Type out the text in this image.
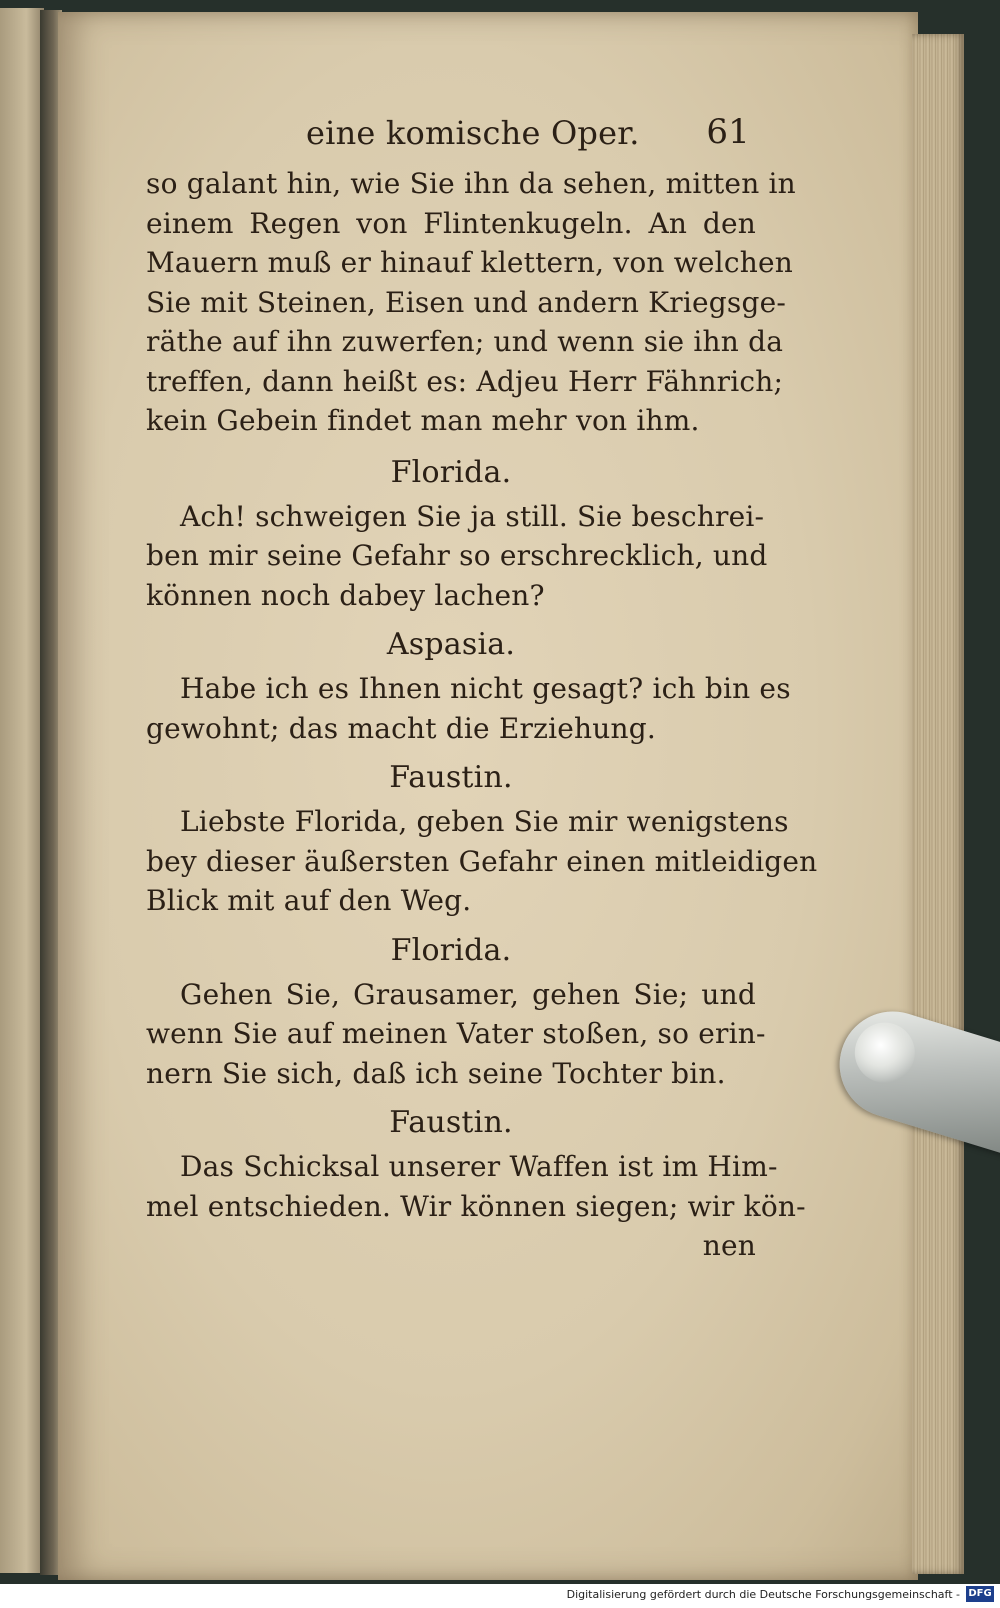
eine komische Oper. 61
so galant hin, wie Sie ihn da sehen, mitten in
einem Regen von Flintenkugeln. An den
Mauern muß er hinauf klettern, von welchen
Sie mit Steinen, Eisen und andern Kriegsge-
räthe auf ihn zuwerfen; und wenn sie ihn da
treffen, dann heißt es: Adjeu Herr Fähnrich;
kein Gebein findet man mehr von ihm.
Florida.
Ach! schweigen Sie ja still. Sie beschrei-
ben mir seine Gefahr so erschrecklich, und
können noch dabey lachen?
Aspasia.
Habe ich es Ihnen nicht gesagt? ich bin es
gewohnt; das macht die Erziehung.
Faustin.
Liebste Florida, geben Sie mir wenigstens
bey dieser äußersten Gefahr einen mitleidigen
Blick mit auf den Weg.
Florida.
Gehen Sie, Grausamer, gehen Sie; und
wenn Sie auf meinen Vater stoßen, so erin-
nern Sie sich, daß ich seine Tochter bin.
Faustin.
Das Schicksal unserer Waffen ist im Him-
mel entschieden. Wir können siegen; wir kön-
nen
Digitalisierung gefördert durch die Deutsche Forschungsgemeinschaft - DFG
